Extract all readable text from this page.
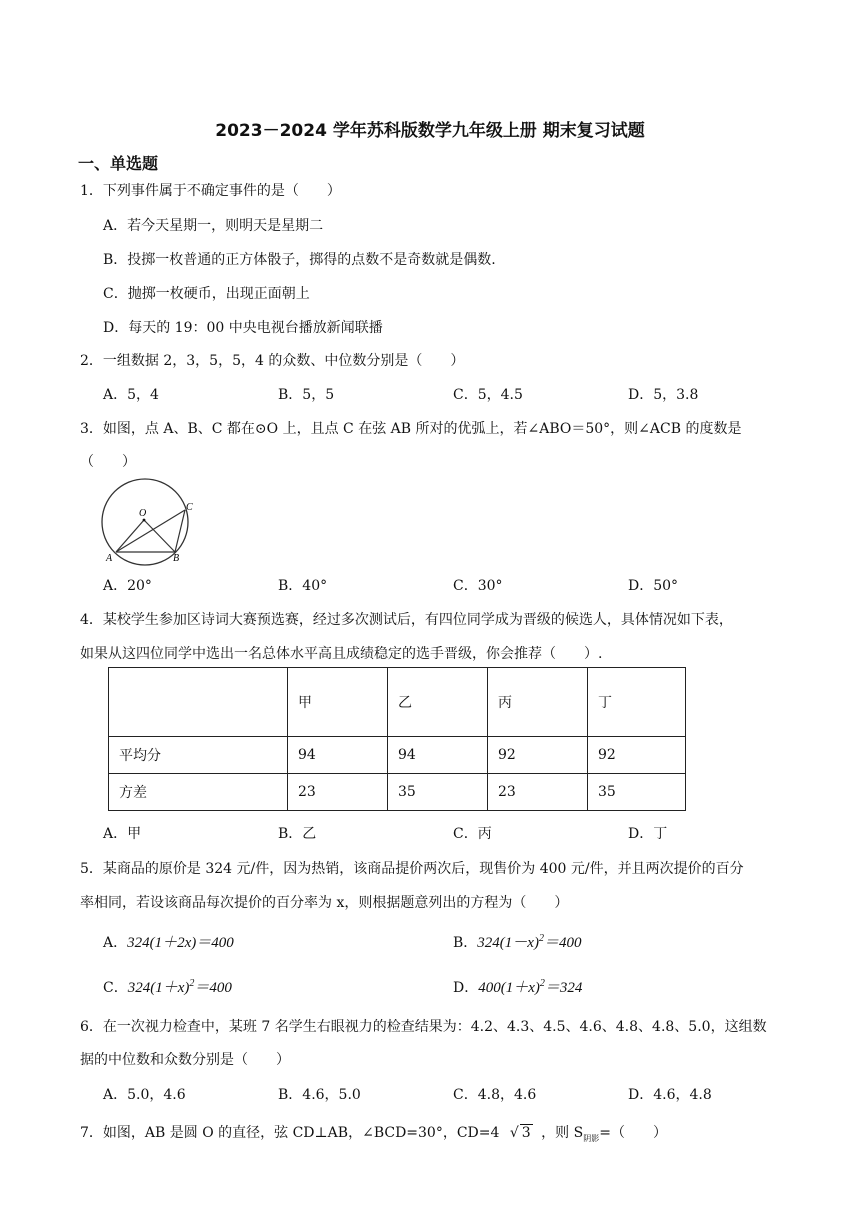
2023－2024 学年苏科版数学九年级上册 期末复习试题
一、单选题
1．下列事件属于不确定事件的是（　　）
A．若今天星期一，则明天是星期二
B．投掷一枚普通的正方体骰子，掷得的点数不是奇数就是偶数.
C．抛掷一枚硬币，出现正面朝上
D．每天的 19：00 中央电视台播放新闻联播
2．一组数据 2，3，5，5，4 的众数、中位数分别是（　　）
A．5，4	B．5，5	C．5，4.5	D．5，3.8
3．如图，点 A、B、C 都在⊙O 上，且点 C 在弦 AB 所对的优弧上，若∠ABO＝50°，则∠ACB 的度数是
（　　）
O
A	B
C
A．20°	B．40°	C．30°	D．50°
4．某校学生参加区诗词大赛预选赛，经过多次测试后，有四位同学成为晋级的候选人，具体情况如下表，
如果从这四位同学中选出一名总体水平高且成绩稳定的选手晋级，你会推荐（　　）.
	甲	乙	丙	丁
平均分	94	94	92	92
方差	23	35	23	35
A．甲	B．乙	C．丙	D．丁
5．某商品的原价是 324 元/件，因为热销，该商品提价两次后，现售价为 400 元/件，并且两次提价的百分
率相同，若设该商品每次提价的百分率为 x，则根据题意列出的方程为（　　）
A．324(1＋2x)＝400	B．$324(1-x)^2=400$
C．$324(1+x)^2=400$	D．$400(1+x)^2=324$
6．在一次视力检查中，某班 7 名学生右眼视力的检查结果为：4.2、4.3、4.5、4.6、4.8、4.8、5.0，这组数
据的中位数和众数分别是（　　）
A．5.0，4.6	B．4.6，5.0	C．4.8，4.6	D．4.6，4.8
7．如图，AB 是圆 O 的直径，弦 CD⊥AB，∠BCD=30°，CD=4 √ 3 ，则 $S_{阴影}=$（　　）
